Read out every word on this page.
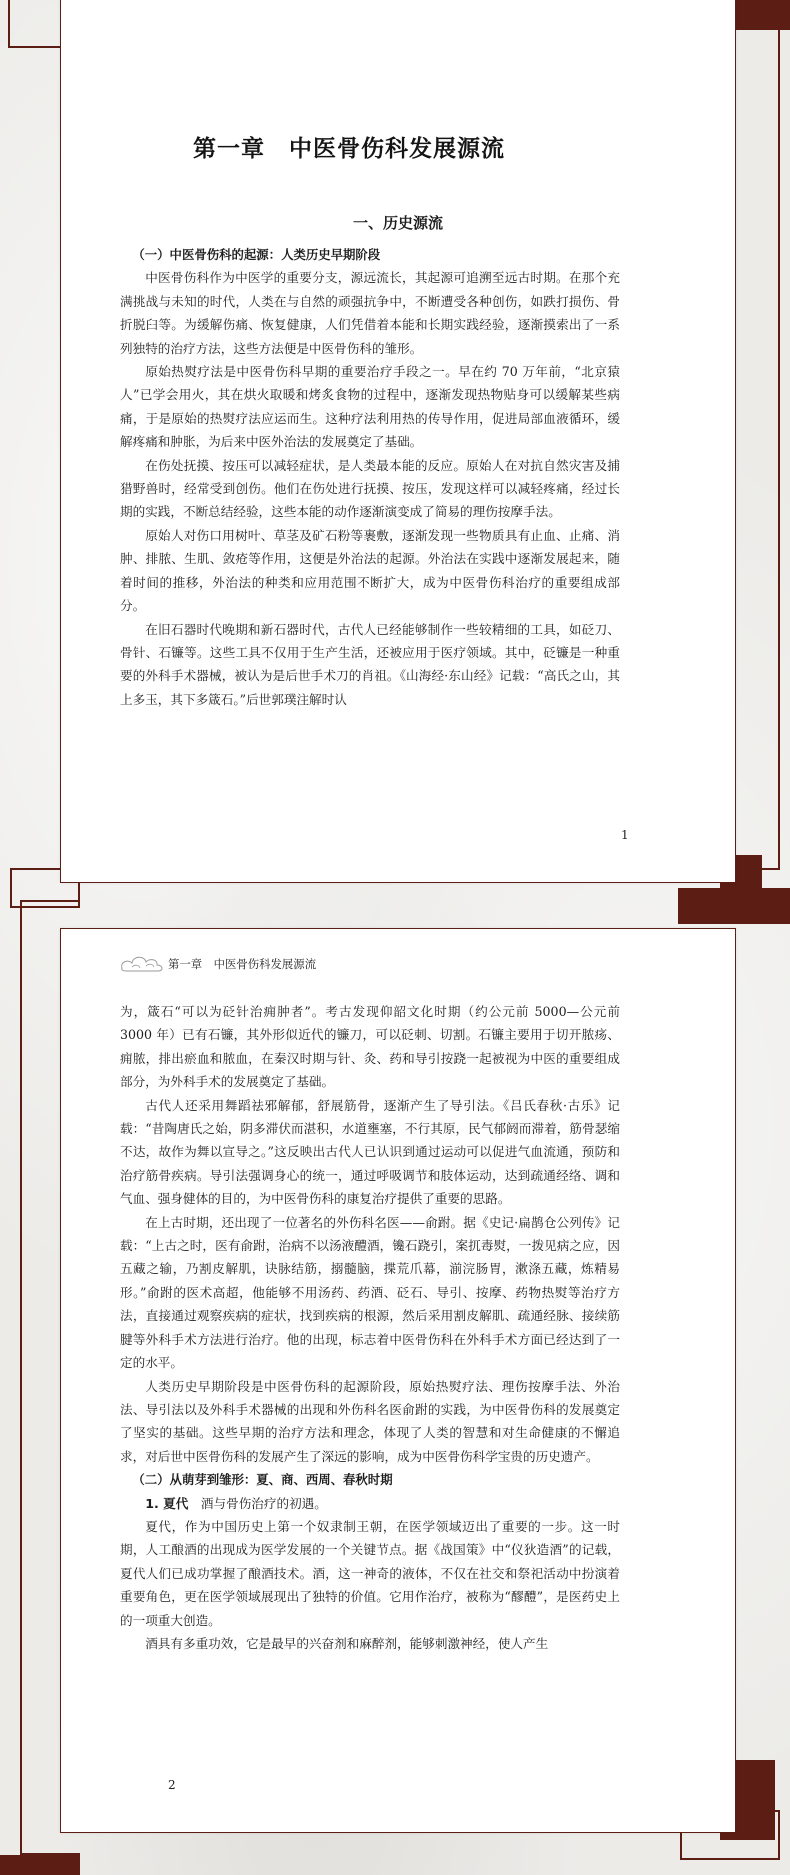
第一章　中医骨伤科发展源流
一、历史源流
1
（一）中医骨伤科的起源：人类历史早期阶段

中医骨伤科作为中医学的重要分支，源远流长，其起源可追溯至远古时期。在那个充满挑战与未知的时代，人类在与自然的顽强抗争中，不断遭受各种创伤，如跌打损伤、骨折脱臼等。为缓解伤痛、恢复健康，人们凭借着本能和长期实践经验，逐渐摸索出了一系列独特的治疗方法，这些方法便是中医骨伤科的雏形。

原始热熨疗法是中医骨伤科早期的重要治疗手段之一。早在约 70 万年前，“北京猿人”已学会用火，其在烘火取暖和烤炙食物的过程中，逐渐发现热物贴身可以缓解某些病痛，于是原始的热熨疗法应运而生。这种疗法利用热的传导作用，促进局部血液循环，缓解疼痛和肿胀，为后来中医外治法的发展奠定了基础。

在伤处抚摸、按压可以减轻症状，是人类最本能的反应。原始人在对抗自然灾害及捕猎野兽时，经常受到创伤。他们在伤处进行抚摸、按压，发现这样可以减轻疼痛，经过长期的实践，不断总结经验，这些本能的动作逐渐演变成了简易的理伤按摩手法。

原始人对伤口用树叶、草茎及矿石粉等裹敷，逐渐发现一些物质具有止血、止痛、消肿、排脓、生肌、敛疮等作用，这便是外治法的起源。外治法在实践中逐渐发展起来，随着时间的推移，外治法的种类和应用范围不断扩大，成为中医骨伤科治疗的重要组成部分。

在旧石器时代晚期和新石器时代，古代人已经能够制作一些较精细的工具，如砭刀、骨针、石镰等。这些工具不仅用于生产生活，还被应用于医疗领域。其中，砭镰是一种重要的外科手术器械，被认为是后世手术刀的肖祖。《山海经·东山经》记载：“高氏之山，其上多玉，其下多箴石。”后世郭璞注解时认

2
第一章　中医骨伤科发展源流

为，箴石“可以为砭针治痈肿者”。考古发现仰韶文化时期（约公元前 5000—公元前 3000 年）已有石镰，其外形似近代的镰刀，可以砭刺、切割。石镰主要用于切开脓疡、痈脓，排出瘀血和脓血，在秦汉时期与针、灸、药和导引按跷一起被视为中医的重要组成部分，为外科手术的发展奠定了基础。

古代人还采用舞蹈祛邪解郁，舒展筋骨，逐渐产生了导引法。《吕氏春秋·古乐》记载：“昔陶唐氏之始，阴多滞伏而湛积，水道壅塞，不行其原，民气郁阏而滞着，筋骨瑟缩不达，故作为舞以宣导之。”这反映出古代人已认识到通过运动可以促进气血流通，预防和治疗筋骨疾病。导引法强调身心的统一，通过呼吸调节和肢体运动，达到疏通经络、调和气血、强身健体的目的，为中医骨伤科的康复治疗提供了重要的思路。

在上古时期，还出现了一位著名的外伤科名医——俞跗。据《史记·扁鹊仓公列传》记载：“上古之时，医有俞跗，治病不以汤液醴酒，镵石跷引，案扤毒熨，一拨见病之应，因五藏之输，乃割皮解肌，诀脉结筋，搦髓脑，揲荒爪幕，湔浣肠胃，漱涤五藏，炼精易形。”俞跗的医术高超，他能够不用汤药、药酒、砭石、导引、按摩、药物热熨等治疗方法，直接通过观察疾病的症状，找到疾病的根源，然后采用割皮解肌、疏通经脉、接续筋腱等外科手术方法进行治疗。他的出现，标志着中医骨伤科在外科手术方面已经达到了一定的水平。

人类历史早期阶段是中医骨伤科的起源阶段，原始热熨疗法、理伤按摩手法、外治法、导引法以及外科手术器械的出现和外伤科名医俞跗的实践，为中医骨伤科的发展奠定了坚实的基础。这些早期的治疗方法和理念，体现了人类的智慧和对生命健康的不懈追求，对后世中医骨伤科的发展产生了深远的影响，成为中医骨伤科学宝贵的历史遗产。

（二）从萌芽到雏形：夏、商、西周、春秋时期

1. 夏代　酒与骨伤治疗的初遇。

夏代，作为中国历史上第一个奴隶制王朝，在医学领域迈出了重要的一步。这一时期，人工酿酒的出现成为医学发展的一个关键节点。据《战国策》中“仪狄造酒”的记载，夏代人们已成功掌握了酿酒技术。酒，这一神奇的液体，不仅在社交和祭祀活动中扮演着重要角色，更在医学领域展现出了独特的价值。它用作治疗，被称为“醪醴”，是医药史上的一项重大创造。

酒具有多重功效，它是最早的兴奋剂和麻醉剂，能够刺激神经，使人产生
